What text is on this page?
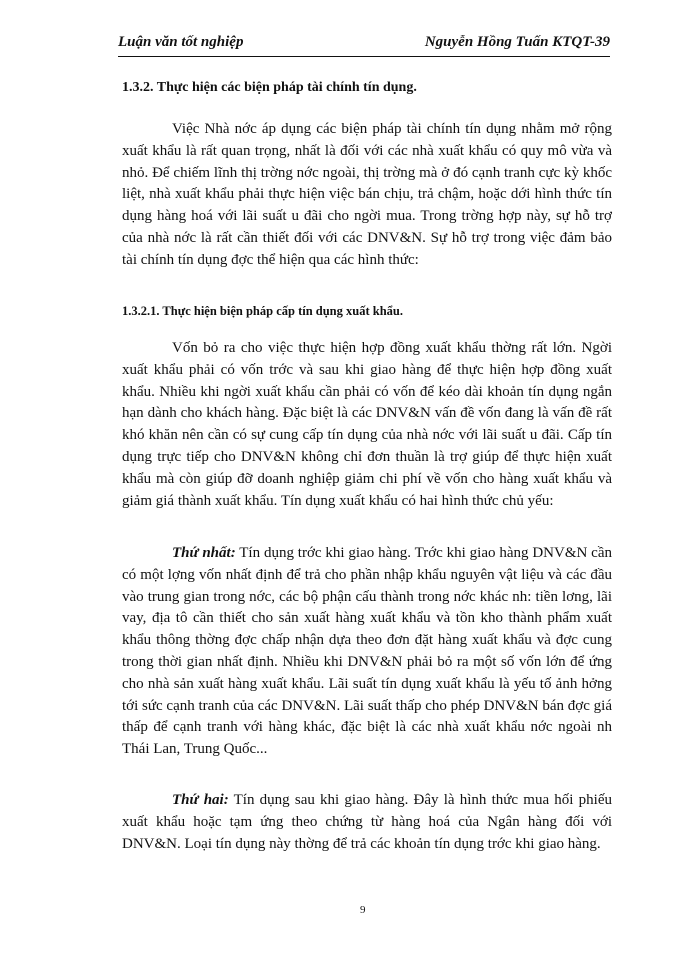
Luận văn tốt nghiệp	Nguyễn Hồng Tuấn KTQT-39
1.3.2. Thực hiện các biện pháp tài chính tín dụng.

Việc Nhà nớc áp dụng các biện pháp tài chính tín dụng nhằm mở rộng xuất khẩu là rất quan trọng, nhất là đối với các nhà xuất khẩu có quy mô vừa và nhỏ. Để chiếm lĩnh thị trờng nớc ngoài, thị trờng mà ở đó cạnh tranh cực kỳ khốc liệt, nhà xuất khẩu phải thực hiện việc bán chịu, trả chậm, hoặc dới hình thức tín dụng hàng hoá với lãi suất u đãi cho ngời mua. Trong trờng hợp này, sự hỗ trợ của nhà nớc là rất cần thiết đối với các DNV&N. Sự hỗ trợ trong việc đảm bảo tài chính tín dụng đợc thể hiện qua các hình thức:

1.3.2.1. Thực hiện biện pháp cấp tín dụng xuất khẩu.

Vốn bỏ ra cho việc thực hiện hợp đồng xuất khẩu thờng rất lớn. Ngời xuất khẩu phải có vốn trớc và sau khi giao hàng để thực hiện hợp đồng xuất khẩu. Nhiều khi ngời xuất khẩu cần phải có vốn để kéo dài khoản tín dụng ngắn hạn dành cho khách hàng. Đặc biệt là các DNV&N vấn đề vốn đang là vấn đề rất khó khăn nên cần có sự cung cấp tín dụng của nhà nớc với lãi suất u đãi. Cấp tín dụng trực tiếp cho DNV&N không chỉ đơn thuần là trợ giúp để thực hiện xuất khẩu mà còn giúp đỡ doanh nghiệp giảm chi phí về vốn cho hàng xuất khẩu và giảm giá thành xuất khẩu. Tín dụng xuất khẩu có hai hình thức chủ yếu:

Thứ nhất: Tín dụng trớc khi giao hàng. Trớc khi giao hàng DNV&N cần có một lợng vốn nhất định để trả cho phần nhập khẩu nguyên vật liệu và các đầu vào trung gian trong nớc, các bộ phận cấu thành trong nớc khác nh: tiền lơng, lãi vay, địa tô cần thiết cho sản xuất hàng xuất khẩu và tồn kho thành phẩm xuất khẩu thông thờng đợc chấp nhận dựa theo đơn đặt hàng xuất khẩu và đợc cung trong thời gian nhất định. Nhiều khi DNV&N phải bỏ ra một số vốn lớn để ứng cho nhà sản xuất hàng xuất khẩu. Lãi suất tín dụng xuất khẩu là yếu tố ảnh hởng tới sức cạnh tranh của các DNV&N. Lãi suất thấp cho phép DNV&N bán đợc giá thấp để cạnh tranh với hàng khác, đặc biệt là các nhà xuất khẩu nớc ngoài nh Thái Lan, Trung Quốc...

Thứ hai: Tín dụng sau khi giao hàng. Đây là hình thức mua hối phiếu xuất khẩu hoặc tạm ứng theo chứng từ hàng hoá của Ngân hàng đối với DNV&N. Loại tín dụng này thờng để trả các khoản tín dụng trớc khi giao hàng.

9
